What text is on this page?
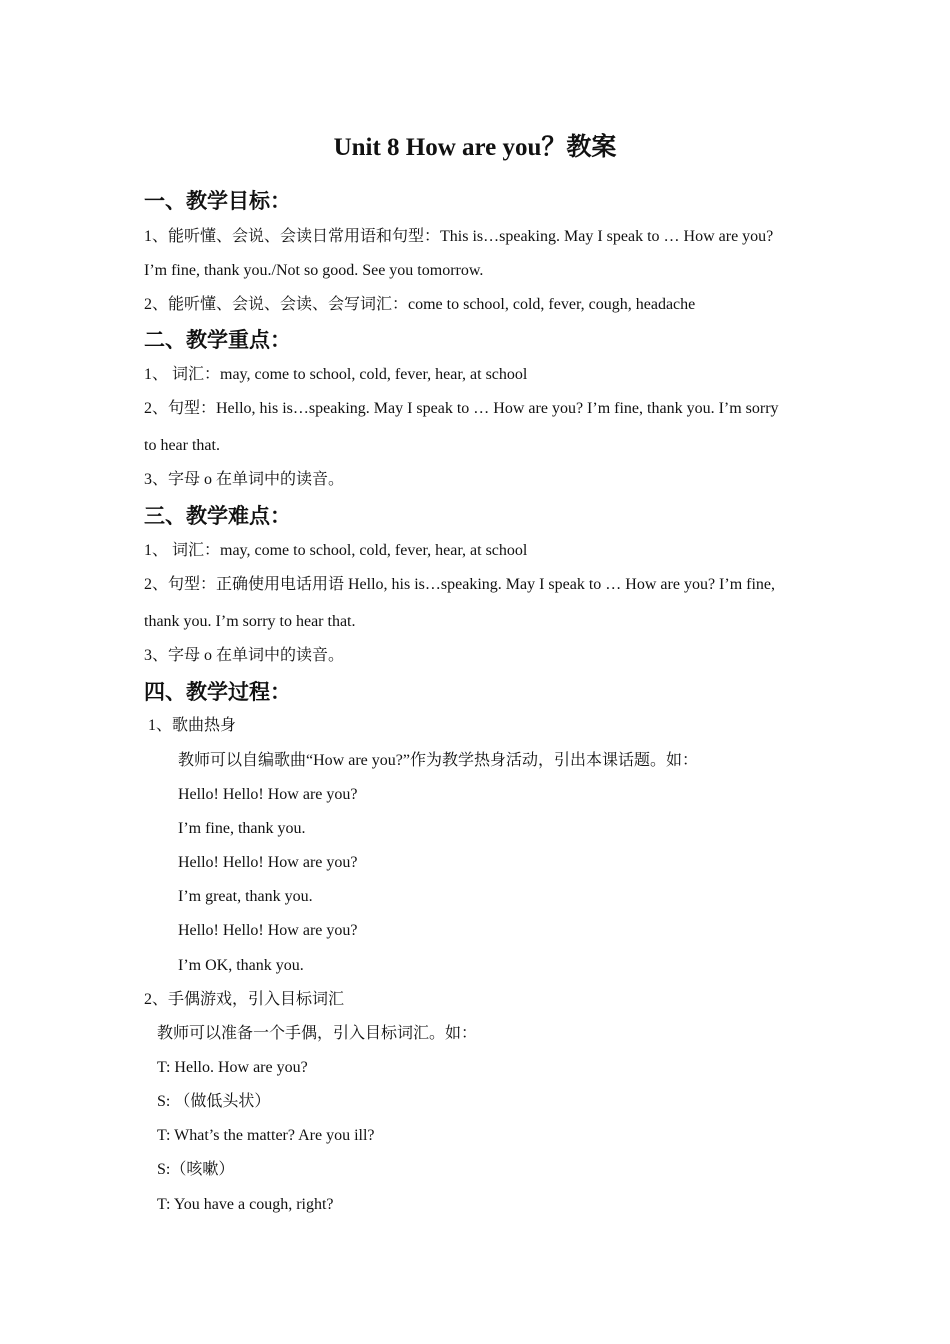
Unit 8 How are you？教案
一、教学目标：
1、能听懂、会说、会读日常用语和句型：This is…speaking. May I speak to … How are you?
I’m fine, thank you./Not so good. See you tomorrow.
2、能听懂、会说、会读、会写词汇：come to school, cold, fever, cough, headache
二、教学重点：
1、 词汇：may, come to school, cold, fever, hear, at school
2、句型：Hello, his is…speaking. May I speak to … How are you? I’m fine, thank you. I’m sorry
to hear that.
3、字母 o 在单词中的读音。
三、教学难点：
1、 词汇：may, come to school, cold, fever, hear, at school
2、句型：正确使用电话用语 Hello, his is…speaking. May I speak to … How are you? I’m fine,
thank you. I’m sorry to hear that.
3、字母 o 在单词中的读音。
四、教学过程：
1、歌曲热身
教师可以自编歌曲“How are you?”作为教学热身活动，引出本课话题。如：
Hello! Hello! How are you?
I’m fine, thank you.
Hello! Hello! How are you?
I’m great, thank you.
Hello! Hello! How are you?
I’m OK, thank you.
2、手偶游戏，引入目标词汇
教师可以准备一个手偶，引入目标词汇。如：
T: Hello. How are you?
S: （做低头状）
T: What’s the matter? Are you ill?
S:（咳嗽）
T: You have a cough, right?
